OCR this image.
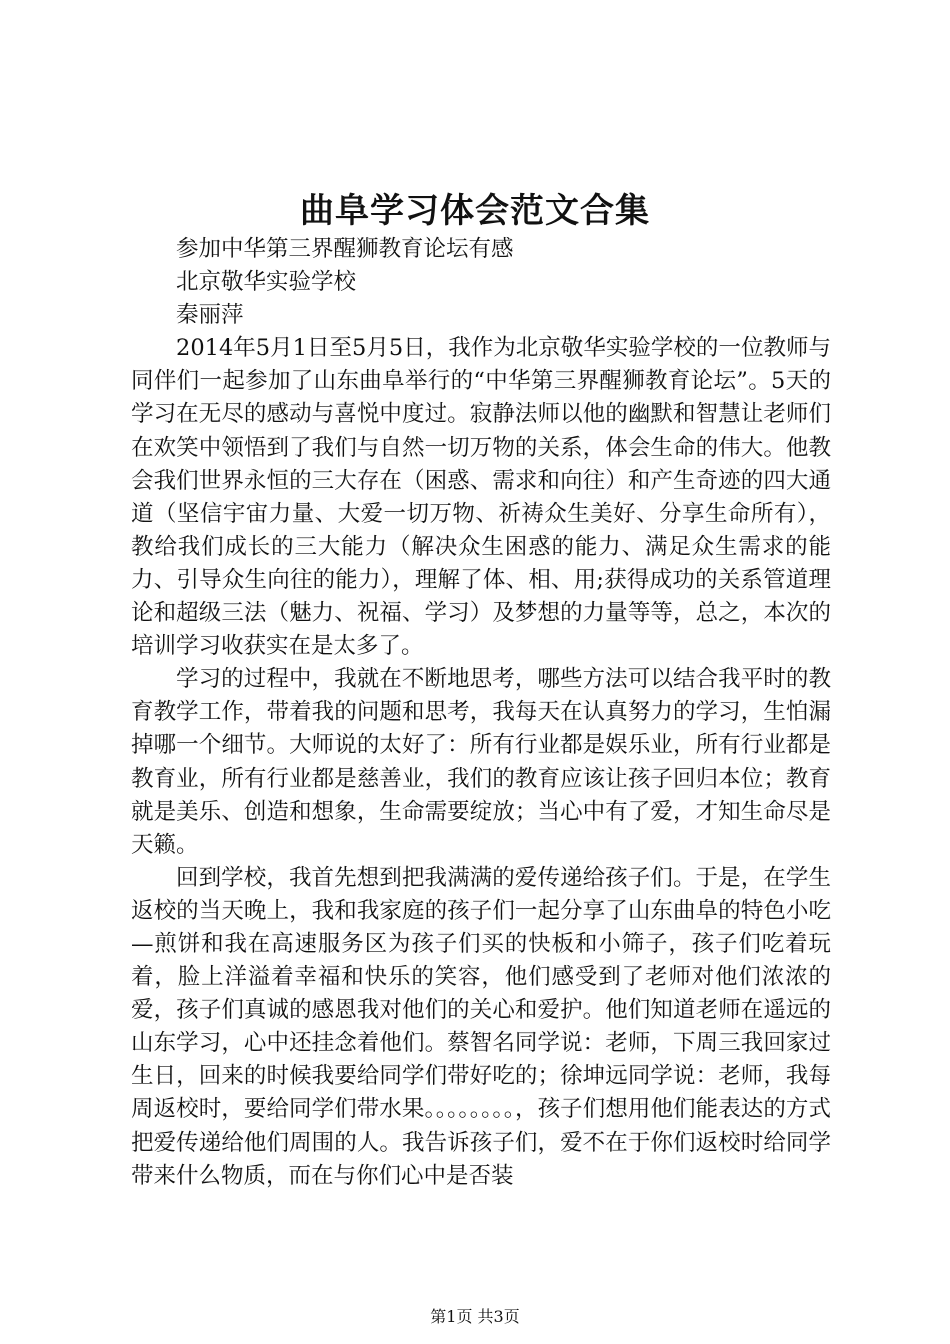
曲阜学习体会范文合集

参加中华第三界醒狮教育论坛有感

北京敬华实验学校

秦丽萍

2014年5月1日至5月5日，我作为北京敬华实验学校的一位教师与同伴们一起参加了山东曲阜举行的“中华第三界醒狮教育论坛”。5天的学习在无尽的感动与喜悦中度过。寂静法师以他的幽默和智慧让老师们在欢笑中领悟到了我们与自然一切万物的关系，体会生命的伟大。他教会我们世界永恒的三大存在（困惑、需求和向往）和产生奇迹的四大通道（坚信宇宙力量、大爱一切万物、祈祷众生美好、分享生命所有），教给我们成长的三大能力（解决众生困惑的能力、满足众生需求的能力、引导众生向往的能力），理解了体、相、用;获得成功的关系管道理论和超级三法（魅力、祝福、学习）及梦想的力量等等，总之，本次的培训学习收获实在是太多了。

学习的过程中，我就在不断地思考，哪些方法可以结合我平时的教育教学工作，带着我的问题和思考，我每天在认真努力的学习，生怕漏掉哪一个细节。大师说的太好了：所有行业都是娱乐业，所有行业都是教育业，所有行业都是慈善业，我们的教育应该让孩子回归本位；教育就是美乐、创造和想象，生命需要绽放；当心中有了爱，才知生命尽是天籁。

回到学校，我首先想到把我满满的爱传递给孩子们。于是，在学生返校的当天晚上，我和我家庭的孩子们一起分享了山东曲阜的特色小吃—煎饼和我在高速服务区为孩子们买的快板和小筛子，孩子们吃着玩着，脸上洋溢着幸福和快乐的笑容，他们感受到了老师对他们浓浓的爱，孩子们真诚的感恩我对他们的关心和爱护。他们知道老师在遥远的山东学习，心中还挂念着他们。蔡智名同学说：老师，下周三我回家过生日，回来的时候我要给同学们带好吃的；徐坤远同学说：老师，我每周返校时，要给同学们带水果。。。。。。。。，孩子们想用他们能表达的方式把爱传递给他们周围的人。我告诉孩子们，爱不在于你们返校时给同学带来什么物质，而在与你们心中是否装

第1页 共3页
